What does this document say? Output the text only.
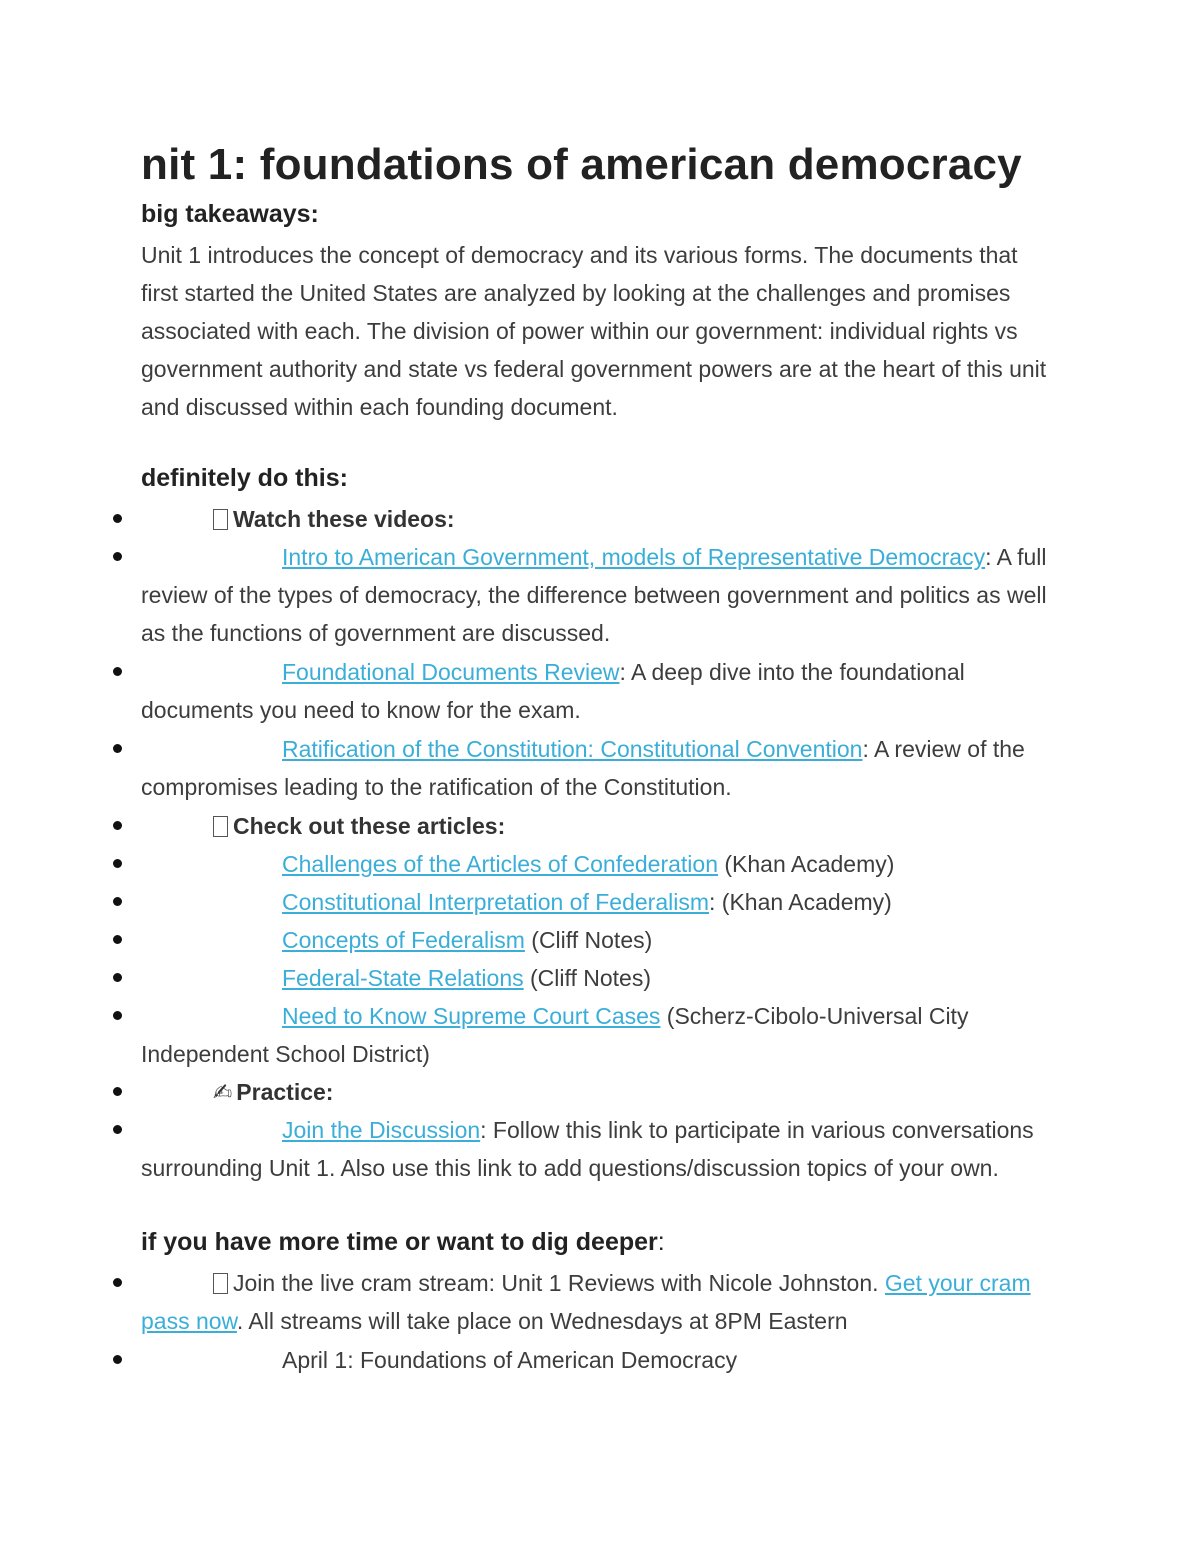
nit 1: foundations of american democracy
big takeaways:
Unit 1 introduces the concept of democracy and its various forms. The documents that first started the United States are analyzed by looking at the challenges and promises associated with each. The division of power within our government: individual rights vs government authority and state vs federal government powers are at the heart of this unit and discussed within each founding document.
definitely do this:
Watch these videos:
Intro to American Government, models of Representative Democracy: A full review of the types of democracy, the difference between government and politics as well as the functions of government are discussed.
Foundational Documents Review: A deep dive into the foundational documents you need to know for the exam.
Ratification of the Constitution: Constitutional Convention: A review of the compromises leading to the ratification of the Constitution.
Check out these articles:
Challenges of the Articles of Confederation (Khan Academy)
Constitutional Interpretation of Federalism: (Khan Academy)
Concepts of Federalism (Cliff Notes)
Federal-State Relations (Cliff Notes)
Need to Know Supreme Court Cases (Scherz-Cibolo-Universal City Independent School District)
✍ Practice:
Join the Discussion: Follow this link to participate in various conversations surrounding Unit 1. Also use this link to add questions/discussion topics of your own.
if you have more time or want to dig deeper:
Join the live cram stream: Unit 1 Reviews with Nicole Johnston. Get your cram pass now. All streams will take place on Wednesdays at 8PM Eastern
April 1: Foundations of American Democracy
